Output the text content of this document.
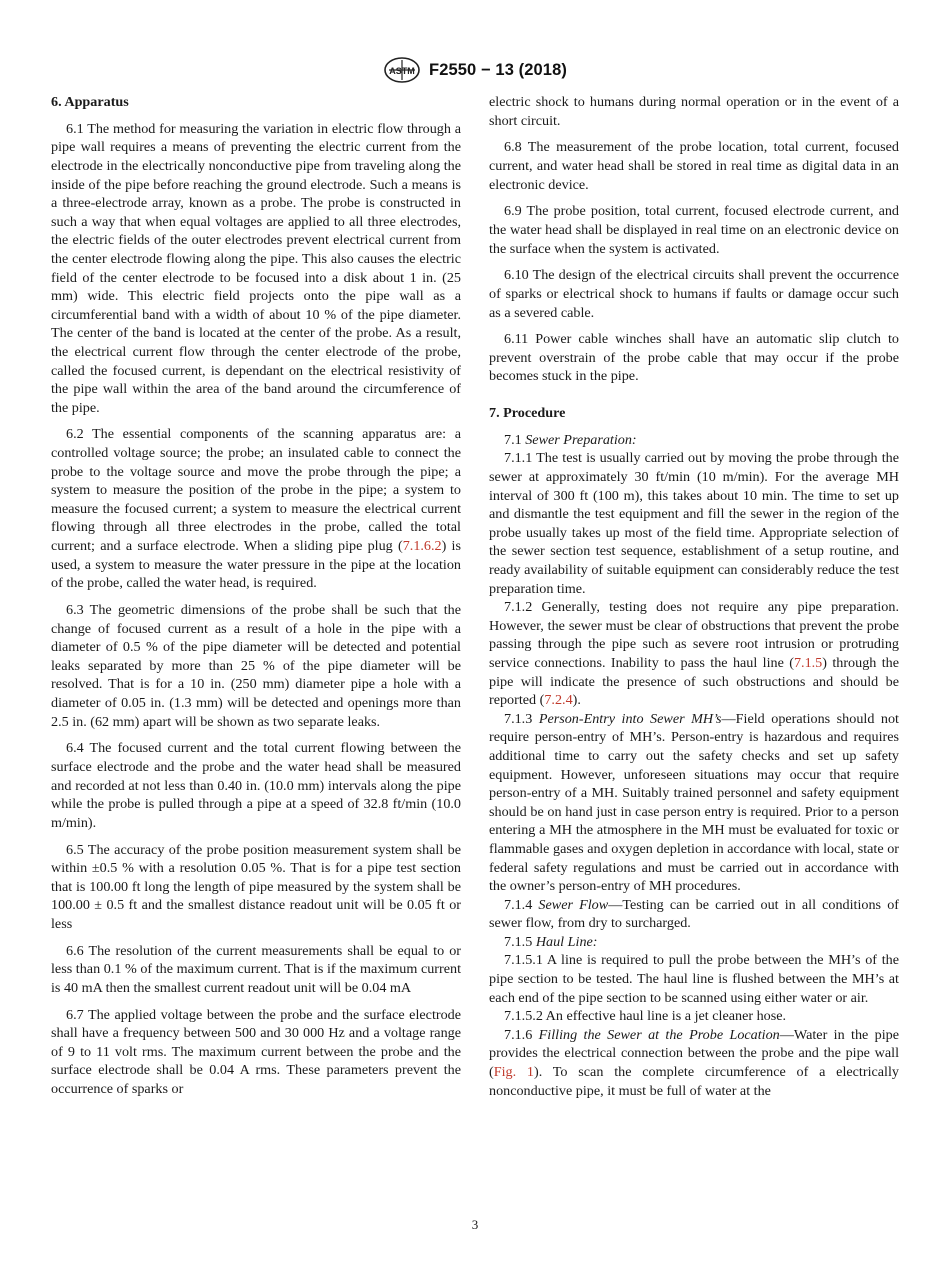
ASTM F2550 − 13 (2018)

6. Apparatus

6.1 The method for measuring the variation in electric flow through a pipe wall requires a means of preventing the electric current from the electrode in the electrically nonconductive pipe from traveling along the inside of the pipe before reaching the ground electrode. Such a means is a three-electrode array, known as a probe. The probe is constructed in such a way that when equal voltages are applied to all three electrodes, the electric fields of the outer electrodes prevent electrical current from the center electrode flowing along the pipe. This also causes the electric field of the center electrode to be focused into a disk about 1 in. (25 mm) wide. This electric field projects onto the pipe wall as a circumferential band with a width of about 10 % of the pipe diameter. The center of the band is located at the center of the probe. As a result, the electrical current flow through the center electrode of the probe, called the focused current, is dependant on the electrical resistivity of the pipe wall within the area of the band around the circumference of the pipe.

6.2 The essential components of the scanning apparatus are: a controlled voltage source; the probe; an insulated cable to connect the probe to the voltage source and move the probe through the pipe; a system to measure the position of the probe in the pipe; a system to measure the focused current; a system to measure the electrical current flowing through all three electrodes in the probe, called the total current; and a surface electrode. When a sliding pipe plug (7.1.6.2) is used, a system to measure the water pressure in the pipe at the location of the probe, called the water head, is required.

6.3 The geometric dimensions of the probe shall be such that the change of focused current as a result of a hole in the pipe with a diameter of 0.5 % of the pipe diameter will be detected and potential leaks separated by more than 25 % of the pipe diameter will be resolved. That is for a 10 in. (250 mm) diameter pipe a hole with a diameter of 0.05 in. (1.3 mm) will be detected and openings more than 2.5 in. (62 mm) apart will be shown as two separate leaks.

6.4 The focused current and the total current flowing between the surface electrode and the probe and the water head shall be measured and recorded at not less than 0.40 in. (10.0 mm) intervals along the pipe while the probe is pulled through a pipe at a speed of 32.8 ft/min (10.0 m/min).

6.5 The accuracy of the probe position measurement system shall be within ±0.5 % with a resolution 0.05 %. That is for a pipe test section that is 100.00 ft long the length of pipe measured by the system shall be 100.00 ± 0.5 ft and the smallest distance readout unit will be 0.05 ft or less

6.6 The resolution of the current measurements shall be equal to or less than 0.1 % of the maximum current. That is if the maximum current is 40 mA then the smallest current readout unit will be 0.04 mA

6.7 The applied voltage between the probe and the surface electrode shall have a frequency between 500 and 30 000 Hz and a voltage range of 9 to 11 volt rms. The maximum current between the probe and the surface electrode shall be 0.04 A rms. These parameters prevent the occurrence of sparks or

electric shock to humans during normal operation or in the event of a short circuit.

6.8 The measurement of the probe location, total current, focused current, and water head shall be stored in real time as digital data in an electronic device.

6.9 The probe position, total current, focused electrode current, and the water head shall be displayed in real time on an electronic device on the surface when the system is activated.

6.10 The design of the electrical circuits shall prevent the occurrence of sparks or electrical shock to humans if faults or damage occur such as a severed cable.

6.11 Power cable winches shall have an automatic slip clutch to prevent overstrain of the probe cable that may occur if the probe becomes stuck in the pipe.

7. Procedure

7.1 Sewer Preparation:

7.1.1 The test is usually carried out by moving the probe through the sewer at approximately 30 ft/min (10 m/min). For the average MH interval of 300 ft (100 m), this takes about 10 min. The time to set up and dismantle the test equipment and fill the sewer in the region of the probe usually takes up most of the field time. Appropriate selection of the sewer section test sequence, establishment of a setup routine, and ready availability of suitable equipment can considerably reduce the test preparation time.

7.1.2 Generally, testing does not require any pipe preparation. However, the sewer must be clear of obstructions that prevent the probe passing through the pipe such as severe root intrusion or protruding service connections. Inability to pass the haul line (7.1.5) through the pipe will indicate the presence of such obstructions and should be reported (7.2.4).

7.1.3 Person-Entry into Sewer MH’s—Field operations should not require person-entry of MH’s. Person-entry is hazardous and requires additional time to carry out the safety checks and set up safety equipment. However, unforeseen situations may occur that require person-entry of a MH. Suitably trained personnel and safety equipment should be on hand just in case person entry is required. Prior to a person entering a MH the atmosphere in the MH must be evaluated for toxic or flammable gases and oxygen depletion in accordance with local, state or federal safety regulations and must be carried out in accordance with the owner’s person-entry of MH procedures.

7.1.4 Sewer Flow—Testing can be carried out in all conditions of sewer flow, from dry to surcharged.

7.1.5 Haul Line:

7.1.5.1 A line is required to pull the probe between the MH’s of the pipe section to be tested. The haul line is flushed between the MH’s at each end of the pipe section to be scanned using either water or air.

7.1.5.2 An effective haul line is a jet cleaner hose.

7.1.6 Filling the Sewer at the Probe Location—Water in the pipe provides the electrical connection between the probe and the pipe wall (Fig. 1). To scan the complete circumference of a electrically nonconductive pipe, it must be full of water at the

3
